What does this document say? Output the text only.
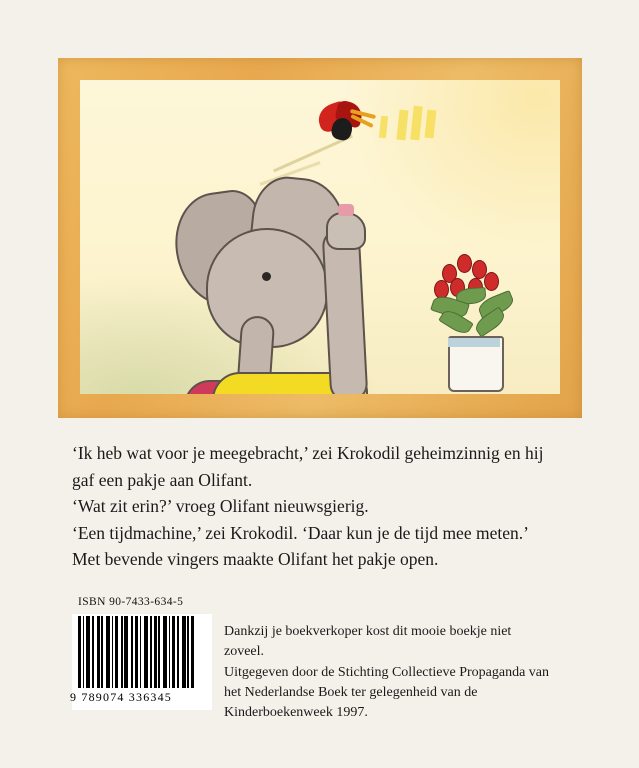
‘Ik heb wat voor je meegebracht,’ zei Krokodil geheimzinnig en hij

gaf een pakje aan Olifant.

‘Wat zit erin?’ vroeg Olifant nieuwsgierig.

‘Een tijdmachine,’ zei Krokodil. ‘Daar kun je de tijd mee meten.’

Met bevende vingers maakte Olifant het pakje open.

ISBN 90-7433-634-5
9 789074 336345

Dankzij je boekverkoper kost dit mooie boekje niet zoveel.

Uitgegeven door de Stichting Collectieve Propaganda van

het Nederlandse Boek ter gelegenheid van de

Kinderboekenweek 1997.
